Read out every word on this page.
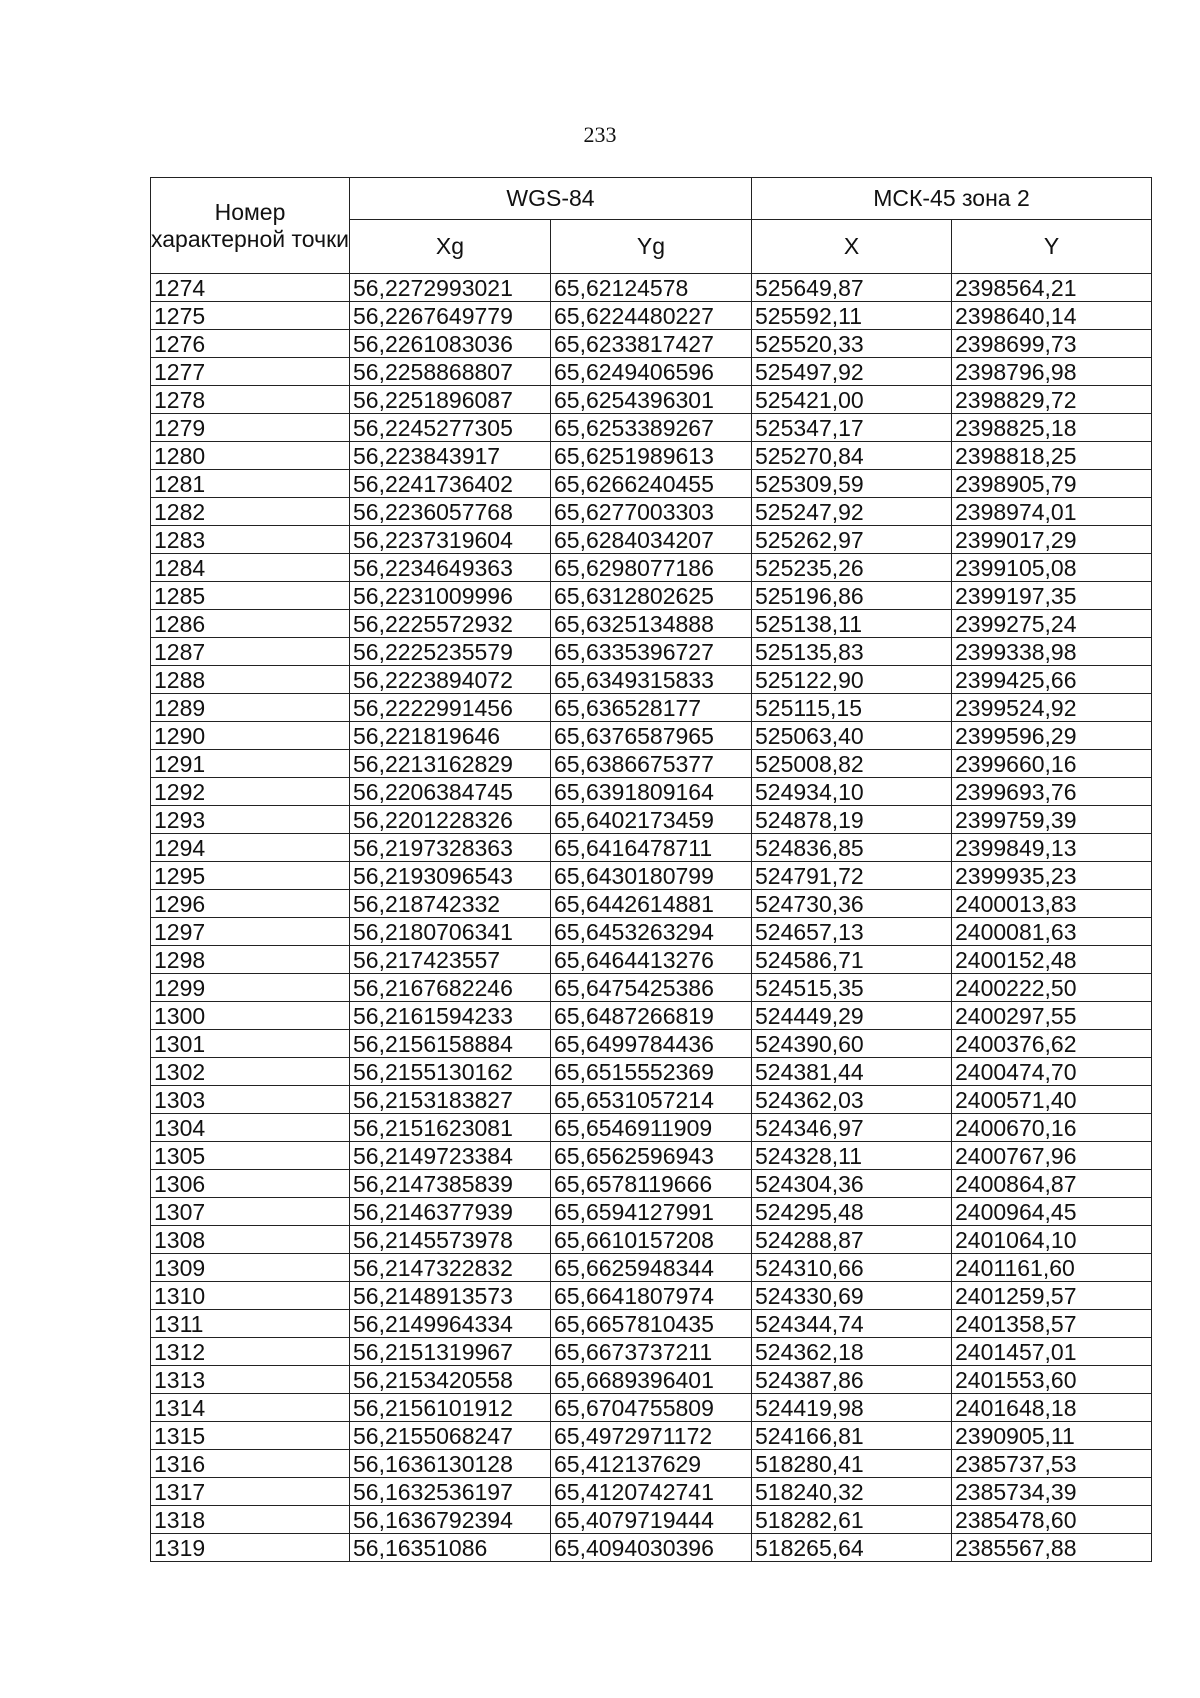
233
Номер характерной точки	WGS-84		МСК-45 зона 2	
	Xg	Yg	X	Y
1274	56,2272993021	65,62124578	525649,87	2398564,21
1275	56,2267649779	65,6224480227	525592,11	2398640,14
1276	56,2261083036	65,6233817427	525520,33	2398699,73
1277	56,2258868807	65,6249406596	525497,92	2398796,98
1278	56,2251896087	65,6254396301	525421,00	2398829,72
1279	56,2245277305	65,6253389267	525347,17	2398825,18
1280	56,223843917	65,6251989613	525270,84	2398818,25
1281	56,2241736402	65,6266240455	525309,59	2398905,79
1282	56,2236057768	65,6277003303	525247,92	2398974,01
1283	56,2237319604	65,6284034207	525262,97	2399017,29
1284	56,2234649363	65,6298077186	525235,26	2399105,08
1285	56,2231009996	65,6312802625	525196,86	2399197,35
1286	56,2225572932	65,6325134888	525138,11	2399275,24
1287	56,2225235579	65,6335396727	525135,83	2399338,98
1288	56,2223894072	65,6349315833	525122,90	2399425,66
1289	56,2222991456	65,636528177	525115,15	2399524,92
1290	56,221819646	65,6376587965	525063,40	2399596,29
1291	56,2213162829	65,6386675377	525008,82	2399660,16
1292	56,2206384745	65,6391809164	524934,10	2399693,76
1293	56,2201228326	65,6402173459	524878,19	2399759,39
1294	56,2197328363	65,6416478711	524836,85	2399849,13
1295	56,2193096543	65,6430180799	524791,72	2399935,23
1296	56,218742332	65,6442614881	524730,36	2400013,83
1297	56,2180706341	65,6453263294	524657,13	2400081,63
1298	56,217423557	65,6464413276	524586,71	2400152,48
1299	56,2167682246	65,6475425386	524515,35	2400222,50
1300	56,2161594233	65,6487266819	524449,29	2400297,55
1301	56,2156158884	65,6499784436	524390,60	2400376,62
1302	56,2155130162	65,6515552369	524381,44	2400474,70
1303	56,2153183827	65,6531057214	524362,03	2400571,40
1304	56,2151623081	65,6546911909	524346,97	2400670,16
1305	56,2149723384	65,6562596943	524328,11	2400767,96
1306	56,2147385839	65,6578119666	524304,36	2400864,87
1307	56,2146377939	65,6594127991	524295,48	2400964,45
1308	56,2145573978	65,6610157208	524288,87	2401064,10
1309	56,2147322832	65,6625948344	524310,66	2401161,60
1310	56,2148913573	65,6641807974	524330,69	2401259,57
1311	56,2149964334	65,6657810435	524344,74	2401358,57
1312	56,2151319967	65,6673737211	524362,18	2401457,01
1313	56,2153420558	65,6689396401	524387,86	2401553,60
1314	56,2156101912	65,6704755809	524419,98	2401648,18
1315	56,2155068247	65,4972971172	524166,81	2390905,11
1316	56,1636130128	65,412137629	518280,41	2385737,53
1317	56,1632536197	65,4120742741	518240,32	2385734,39
1318	56,1636792394	65,4079719444	518282,61	2385478,60
1319	56,16351086	65,4094030396	518265,64	2385567,88
